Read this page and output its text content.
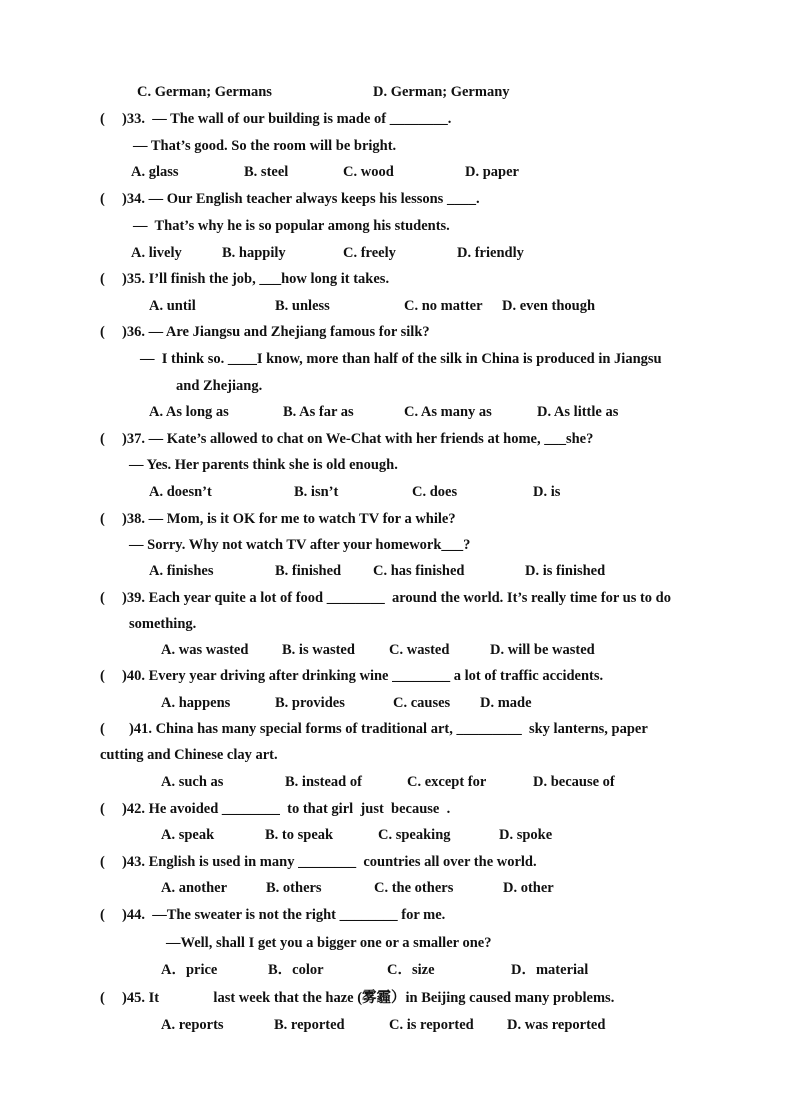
C. German; Germans	D. German; Germany
( )33.  — The wall of our building is made of ________.
— That’s good. So the room will be bright.
A. glass	B. steel	C. wood	D. paper
( )34. — Our English teacher always keeps his lessons ____.
—  That’s why he is so popular among his students.
A. lively	B. happily	C. freely	D. friendly
( )35. I’ll finish the job, ___how long it takes.
A. until	B. unless	C. no matter D. even though
( )36. — Are Jiangsu and Zhejiang famous for silk?
—  I think so. ____I know, more than half of the silk in China is produced in Jiangsu
and Zhejiang.
A. As long as	B. As far as	C. As many as	D. As little as
( )37. — Kate’s allowed to chat on We-Chat with her friends at home, ___she?
— Yes. Her parents think she is old enough.
A. doesn’t	B. isn’t	C. does	D. is
( )38. — Mom, is it OK for me to watch TV for a while?
— Sorry. Why not watch TV after your homework___?
A. finishes	B. finished C. has finished	D. is finished
( )39. Each year quite a lot of food ________  around the world. It’s really time for us to do
something.
A. was wasted B. is wasted C. wasted	D. will be wasted
( )40. Every year driving after drinking wine ________ a lot of traffic accidents.
A. happens	B. provides	C. causes D. made
( )41. China has many special forms of traditional art, _________  sky lanterns, paper
cutting and Chinese clay art.
A. such as	B. instead of	C. except for	D. because of
( )42. He avoided ________  to that girl  just  because  .
A. speak	B. to speak	C. speaking	D. spoke
( )43. English is used in many ________  countries all over the world.
A. another	B. others	C. the others	D. other
( )44.  —The sweater is not the right ________ for me.
—Well, shall I get you a bigger one or a smaller one?
A．price	B．color	C．size	D．material
( )45. It               last week that the haze (雾霾）in Beijing caused many problems.
A. reports	B. reported	C. is reported D. was reported
